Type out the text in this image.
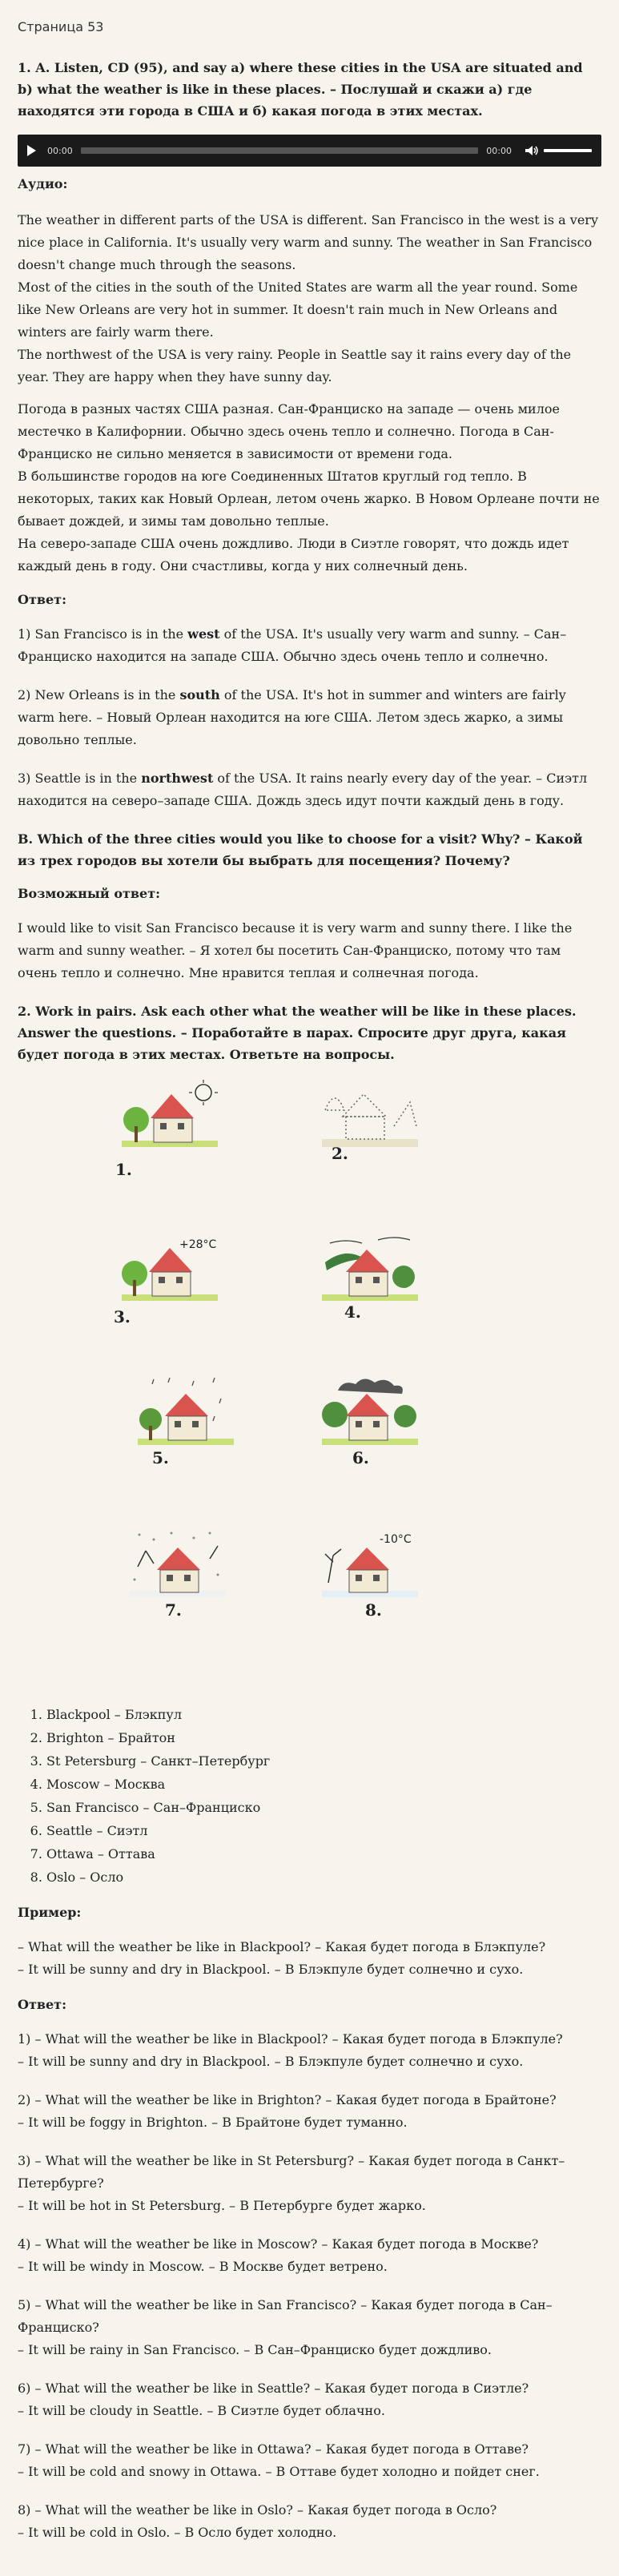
Страница 53
1. A. Listen, CD (95), and say a) where these cities in the USA are situated and b) what the weather is like in these places. – Послушай и скажи а) где находятся эти города в США и б) какая погода в этих местах.
00:00	00:00
Аудио:

The weather in different parts of the USA is different. San Francisco in the west is a very nice place in California. It's usually very warm and sunny. The weather in San Francisco doesn't change much through the seasons.
Most of the cities in the south of the United States are warm all the year round. Some like New Orleans are very hot in summer. It doesn't rain much in New Orleans and winters are fairly warm there.
The northwest of the USA is very rainy. People in Seattle say it rains every day of the year. They are happy when they have sunny day.

Погода в разных частях США разная. Сан-Франциско на западе — очень милое местечко в Калифорнии. Обычно здесь очень тепло и солнечно. Погода в Сан-Франциско не сильно меняется в зависимости от времени года.
В большинстве городов на юге Соединенных Штатов круглый год тепло. В некоторых, таких как Новый Орлеан, летом очень жарко. В Новом Орлеане почти не бывает дождей, и зимы там довольно теплые.
На северо-западе США очень дождливо. Люди в Сиэтле говорят, что дождь идет каждый день в году. Они счастливы, когда у них солнечный день.

Ответ:

1) San Francisco is in the west of the USA. It's usually very warm and sunny. – Сан–Франциско находится на западе США. Обычно здесь очень тепло и солнечно.

2) New Orleans is in the south of the USA. It's hot in summer and winters are fairly warm here. – Новый Орлеан находится на юге США. Летом здесь жарко, а зимы довольно теплые.

3) Seattle is in the northwest of the USA. It rains nearly every day of the year. – Сиэтл находится на северо–западе США. Дождь здесь идут почти каждый день в году.

B. Which of the three cities would you like to choose for a visit? Why? – Какой из трех городов вы хотели бы выбрать для посещения? Почему?
Возможный ответ:

I would like to visit San Francisco because it is very warm and sunny there. I like the warm and sunny weather. – Я хотел бы посетить Сан-Франциско, потому что там очень тепло и солнечно. Мне нравится теплая и солнечная погода.

2. Work in pairs. Ask each other what the weather will be like in these places. Answer the questions. – Поработайте в парах. Спросите друг друга, какая будет погода в этих местах. Ответьте на вопросы.
1.
2.
+28°C
3.	4.
5.	6.
7.
-10°C
8.
1. Blackpool – Блэкпул
2. Brighton – Брайтон
3. St Petersburg – Санкт–Петербург
4. Moscow – Москва
5. San Francisco – Сан–Франциско
6. Seattle – Сиэтл
7. Ottawa – Оттава
8. Oslo – Осло
Пример:

– What will the weather be like in Blackpool? – Какая будет погода в Блэкпуле?
– It will be sunny and dry in Blackpool. – В Блэкпуле будет солнечно и сухо.

Ответ:

1) – What will the weather be like in Blackpool? – Какая будет погода в Блэкпуле?
– It will be sunny and dry in Blackpool. – В Блэкпуле будет солнечно и сухо.

2) – What will the weather be like in Brighton? – Какая будет погода в Брайтоне?
– It will be foggy in Brighton. – В Брайтоне будет туманно.

3) – What will the weather be like in St Petersburg? – Какая будет погода в Санкт–Петербурге?
– It will be hot in St Petersburg. – В Петербурге будет жарко.

4) – What will the weather be like in Moscow? – Какая будет погода в Москве?
– It will be windy in Moscow. – В Москве будет ветрено.

5) – What will the weather be like in San Francisco? – Какая будет погода в Сан–Франциско?
– It will be rainy in San Francisco. – В Сан–Франциско будет дождливо.

6) – What will the weather be like in Seattle? – Какая будет погода в Сиэтле?
– It will be cloudy in Seattle. – В Сиэтле будет облачно.

7) – What will the weather be like in Ottawa? – Какая будет погода в Оттаве?
– It will be cold and snowy in Ottawa. – В Оттаве будет холодно и пойдет снег.

8) – What will the weather be like in Oslo? – Какая будет погода в Осло?
– It will be cold in Oslo. – В Осло будет холодно.
